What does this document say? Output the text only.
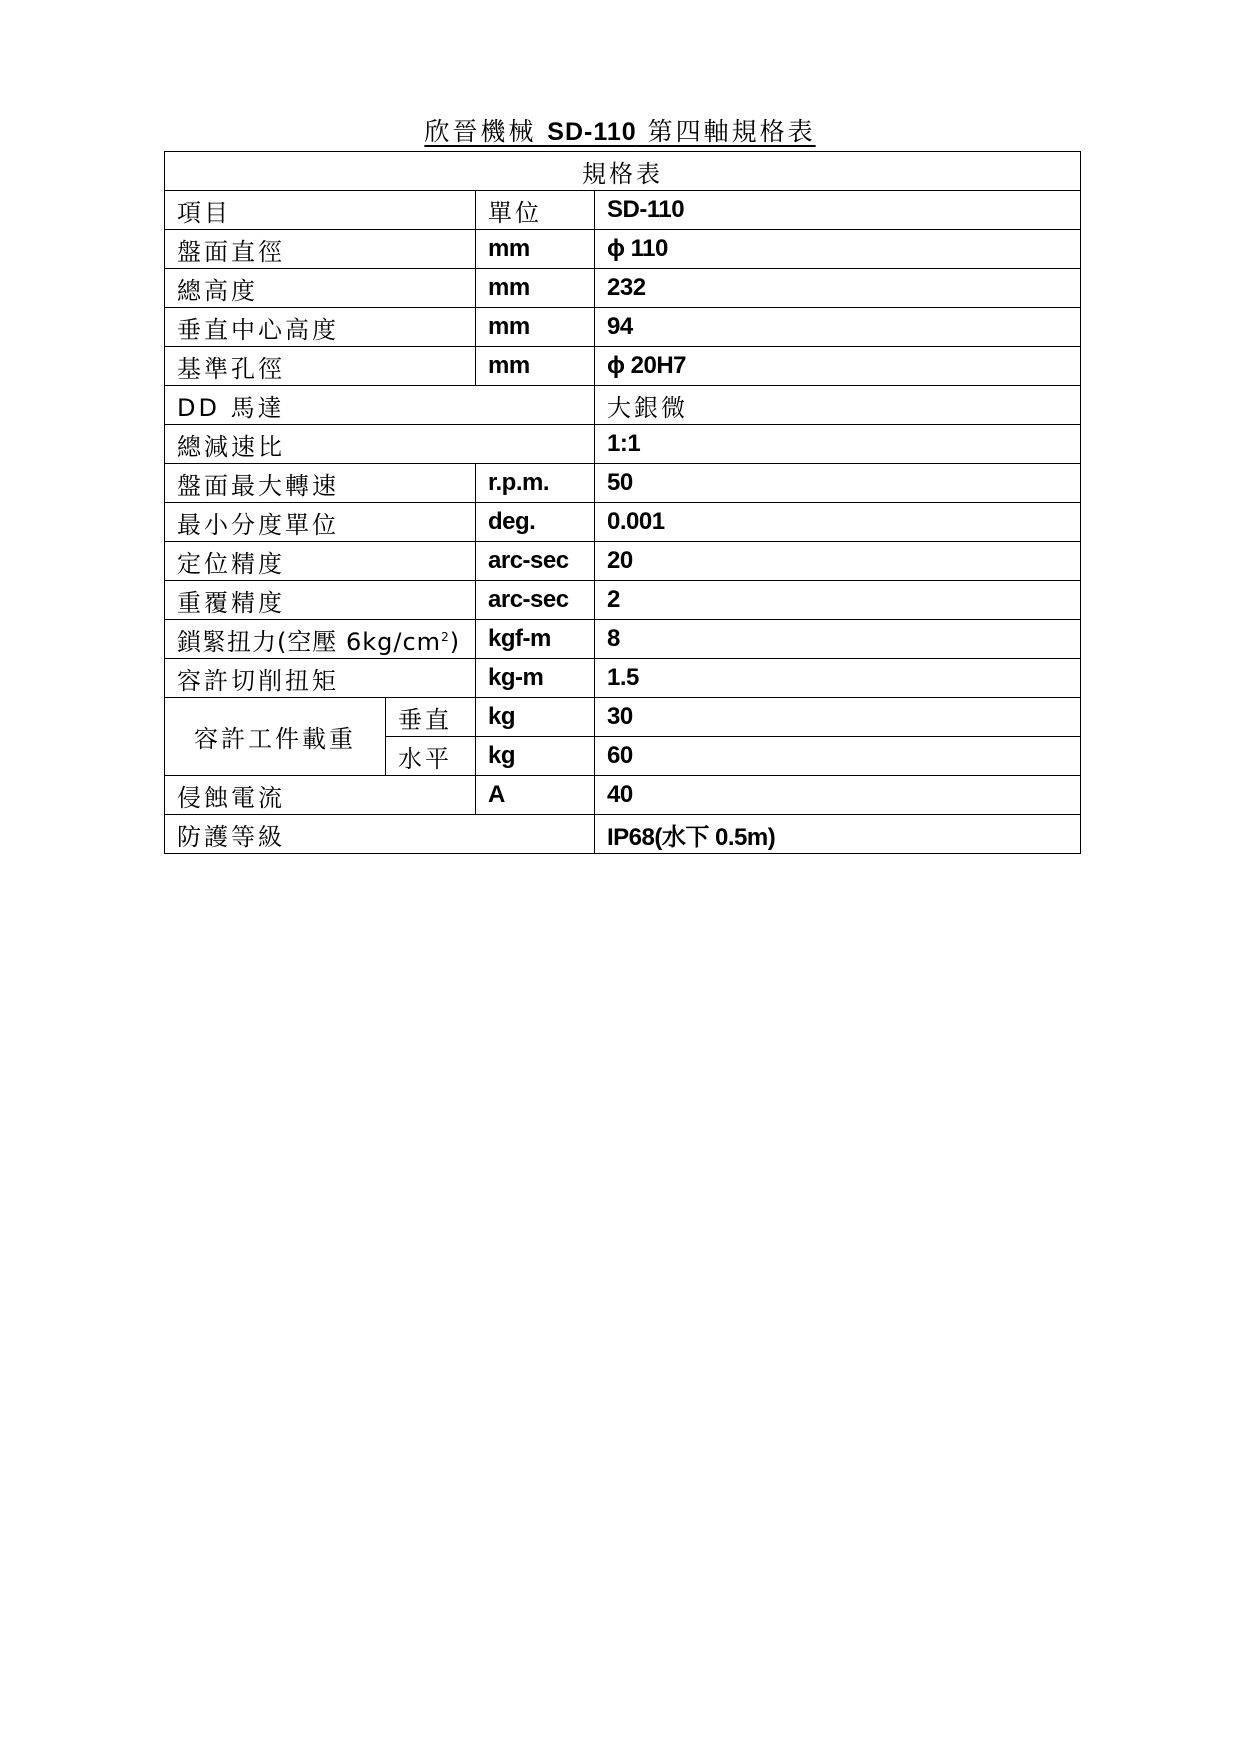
欣晉機械 SD-110 第四軸規格表
規格表			
項目		單位	SD-110
盤面直徑		mm	ϕ 110
總高度		mm	232
垂直中心高度		mm	94
基準孔徑		mm	ϕ 20H7
DD 馬達			大銀微
總減速比			1:1
盤面最大轉速		r.p.m.	50
最小分度單位		deg.	0.001
定位精度		arc-sec	20
重覆精度		arc-sec	2
鎖緊扭力(空壓 $6kg/cm^2$)		kgf-m	8
容許切削扭矩		kg-m	1.5
容許工件載重	垂直	kg	30
	水平	kg	60
侵蝕電流		A	40
防護等級			IP68(水下 0.5m)
